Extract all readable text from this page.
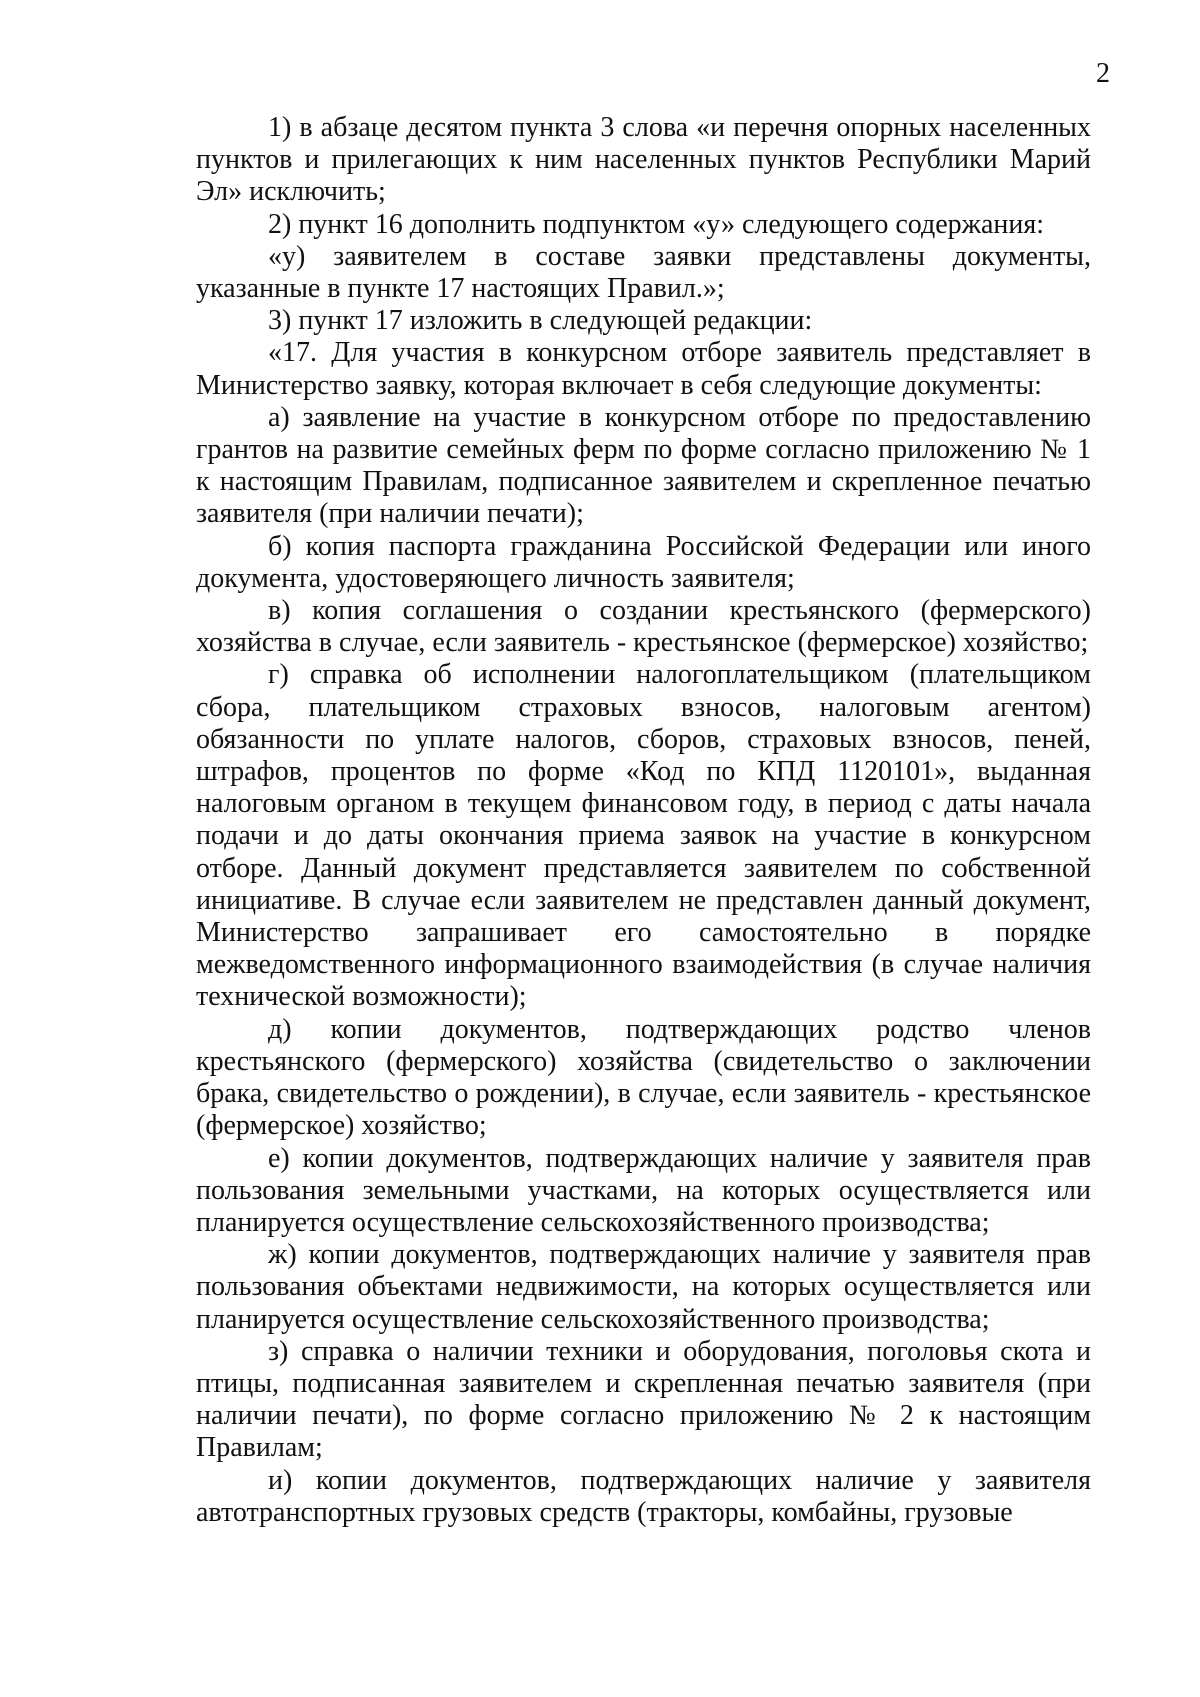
2

1) в абзаце десятом пункта 3 слова «и перечня опорных населенных пунктов и прилегающих к ним населенных пунктов Республики Марий Эл» исключить;

2) пункт 16 дополнить подпунктом «у» следующего содержания:

«у) заявителем в составе заявки представлены документы, указанные в пункте 17 настоящих Правил.»;

3) пункт 17 изложить в следующей редакции:

«17. Для участия в конкурсном отборе заявитель представляет в Министерство заявку, которая включает в себя следующие документы:

а) заявление на участие в конкурсном отборе по предоставлению грантов на развитие семейных ферм по форме согласно приложению № 1 к настоящим Правилам, подписанное заявителем и скрепленное печатью заявителя (при наличии печати);

б) копия паспорта гражданина Российской Федерации или иного документа, удостоверяющего личность заявителя;

в) копия соглашения о создании крестьянского (фермерского) хозяйства в случае, если заявитель - крестьянское (фермерское) хозяйство;

г) справка об исполнении налогоплательщиком (плательщиком сбора, плательщиком страховых взносов, налоговым агентом) обязанности по уплате налогов, сборов, страховых взносов, пеней, штрафов, процентов по форме «Код по КПД 1120101», выданная налоговым органом в текущем финансовом году, в период с даты начала подачи и до даты окончания приема заявок на участие в конкурсном отборе. Данный документ представляется заявителем по собственной инициативе. В случае если заявителем не представлен данный документ, Министерство запрашивает его самостоятельно в порядке межведомственного информационного взаимодействия (в случае наличия технической возможности);

д) копии документов, подтверждающих родство членов крестьянского (фермерского) хозяйства (свидетельство о заключении брака, свидетельство о рождении), в случае, если заявитель - крестьянское (фермерское) хозяйство;

е) копии документов, подтверждающих наличие у заявителя прав пользования земельными участками, на которых осуществляется или планируется осуществление сельскохозяйственного производства;

ж) копии документов, подтверждающих наличие у заявителя прав пользования объектами недвижимости, на которых осуществляется или планируется осуществление сельскохозяйственного производства;

з) справка о наличии техники и оборудования, поголовья скота и птицы, подписанная заявителем и скрепленная печатью заявителя (при наличии печати), по форме согласно приложению № 2 к настоящим Правилам;

и) копии документов, подтверждающих наличие у заявителя автотранспортных грузовых средств (тракторы, комбайны, грузовые
